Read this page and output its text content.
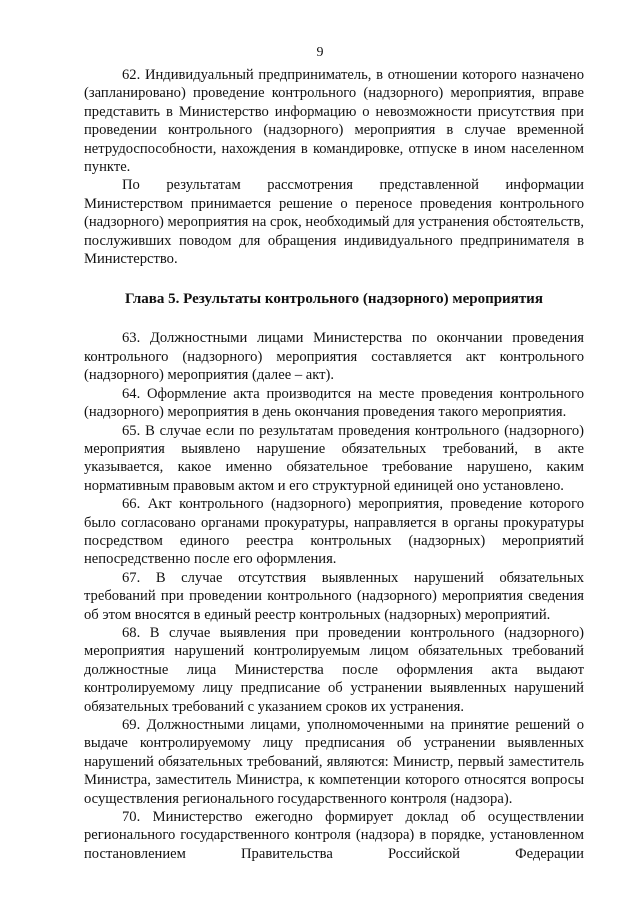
9

62. Индивидуальный предприниматель, в отношении которого назначено (запланировано) проведение контрольного (надзорного) мероприятия, вправе представить в Министерство информацию о невозможности присутствия при проведении контрольного (надзорного) мероприятия в случае временной нетрудоспособности, нахождения в командировке, отпуске в ином населенном пункте.

По результатам рассмотрения представленной информации Министерством принимается решение о переносе проведения контрольного (надзорного) мероприятия на срок, необходимый для устранения обстоятельств, послуживших поводом для обращения индивидуального предпринимателя в Министерство.

Глава 5. Результаты контрольного (надзорного) мероприятия

63. Должностными лицами Министерства по окончании проведения контрольного (надзорного) мероприятия составляется акт контрольного (надзорного) мероприятия (далее – акт).

64. Оформление акта производится на месте проведения контрольного (надзорного) мероприятия в день окончания проведения такого мероприятия.

65. В случае если по результатам проведения контрольного (надзорного) мероприятия выявлено нарушение обязательных требований, в акте указывается, какое именно обязательное требование нарушено, каким нормативным правовым актом и его структурной единицей оно установлено.

66. Акт контрольного (надзорного) мероприятия, проведение которого было согласовано органами прокуратуры, направляется в органы прокуратуры посредством единого реестра контрольных (надзорных) мероприятий непосредственно после его оформления.

67. В случае отсутствия выявленных нарушений обязательных требований при проведении контрольного (надзорного) мероприятия сведения об этом вносятся в единый реестр контрольных (надзорных) мероприятий.

68. В случае выявления при проведении контрольного (надзорного) мероприятия нарушений контролируемым лицом обязательных требований должностные лица Министерства после оформления акта выдают контролируемому лицу предписание об устранении выявленных нарушений обязательных требований с указанием сроков их устранения.

69. Должностными лицами, уполномоченными на принятие решений о выдаче контролируемому лицу предписания об устранении выявленных нарушений обязательных требований, являются: Министр, первый заместитель Министра, заместитель Министра, к компетенции которого относятся вопросы осуществления регионального государственного контроля (надзора).

70. Министерство ежегодно формирует доклад об осуществлении регионального государственного контроля (надзора) в порядке, установленном постановлением Правительства Российской Федерации
